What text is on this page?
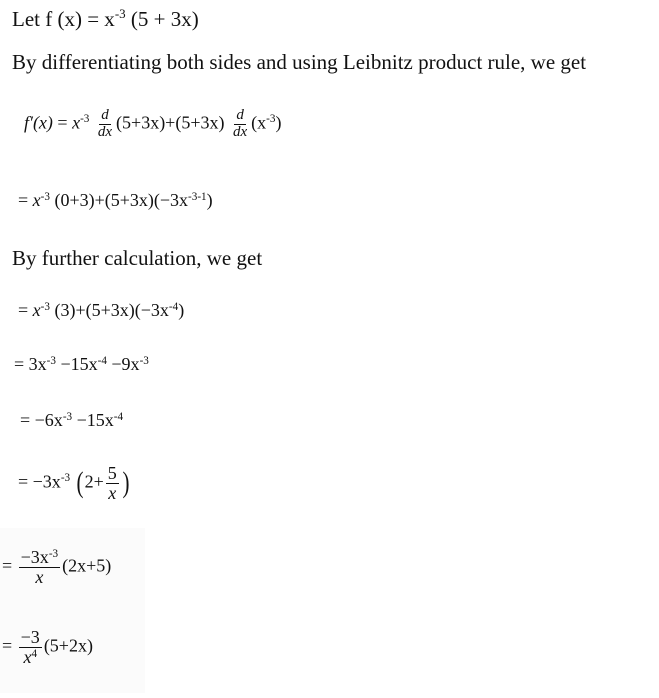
Let f $(x) = x^{-3}$ (5 + 3x)
By differentiating both sides and using Leibnitz product rule, we get
$f'(x) = x^{-3} \frac{d}{dx} (5+3x)+(5+3x) \frac{d}{dx} (x^{-3})$
= $x^{-3}$ $(0+3)+(5+3x)(-3x^{-3-1})$
By further calculation, we get
= $x^{-3}$ $(3)+(5+3x)(-3x^{-4})$
= $3x^{-3} -15x^{-4} -9x^{-3}$
= $-6x^{-3} -15x^{-4}$
= $-3x^{-3}$ ($2+ \frac{5}{x}$ )
= $\frac{-3x^{-3}}{x} (2x+5)$
= $\frac{-3}{x^4} (5+2x)$
